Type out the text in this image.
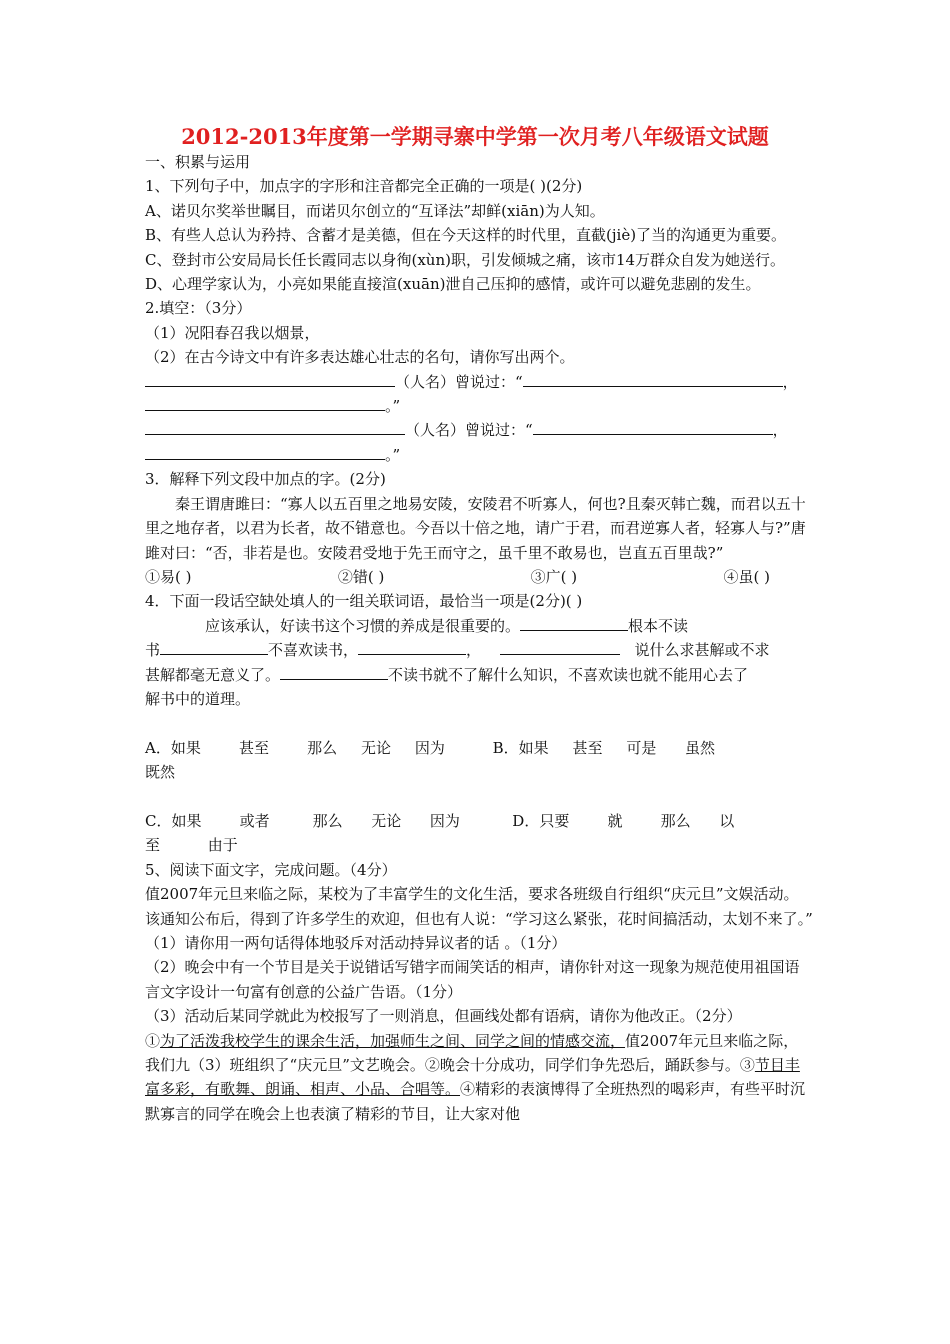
2012-2013年度第一学期寻寨中学第一次月考八年级语文试题

一、积累与运用

1、下列句子中，加点字的字形和注音都完全正确的一项是( )(2分)

A、诺贝尔奖举世瞩目，而诺贝尔创立的“互译法”却鲜(xiān)为人知。

B、有些人总认为矜持、含蓄才是美德，但在今天这样的时代里，直截(jiè)了当的沟通更为重要。

C、登封市公安局局长任长霞同志以身徇(xùn)职，引发倾城之痛，该市14万群众自发为她送行。

D、心理学家认为，小亮如果能直接渲(xuān)泄自己压抑的感情，或许可以避免悲剧的发生。

2.填空：（3分）

（1）况阳春召我以烟景，

（2）在古今诗文中有许多表达雄心壮志的名句，请你写出两个。

（人名）曾说过：“	，

。”

（人名）曾说过：“	，

。”

3．解释下列文段中加点的字。(2分)

秦王谓唐雎曰：“寡人以五百里之地易安陵，安陵君不听寡人，何也?且秦灭韩亡魏，而君以五十里之地存者，以君为长者，故不错意也。今吾以十倍之地，请广于君，而君逆寡人者，轻寡人与?”唐雎对曰：“否，非若是也。安陵君受地于先王而守之，虽千里不敢易也，岂直五百里哉?”

①易( )	②错( )	③广( )	④虽( )

4．下面一段话空缺处填人的一组关联词语，最恰当一项是(2分)( )

应该承认，好读书这个习惯的养成是很重要的。	根本不读

书	不喜欢读书，	，	说什么求甚解或不求

甚解都毫无意义了。	不读书就不了解什么知识，不喜欢读也就不能用心去了

解书中的道理。

A．如果	甚至	那么 无论 因为	B．如果 甚至 可是 虽然

既然

C．如果	或者	那么 无论 因为	D．只要	就	那么 以

至	由于

5、阅读下面文字，完成问题。（4分）

值2007年元旦来临之际，某校为了丰富学生的文化生活，要求各班级自行组织“庆元旦”文娱活动。该通知公布后，得到了许多学生的欢迎，但也有人说：“学习这么紧张，花时间搞活动，太划不来了。”

（1）请你用一两句话得体地驳斥对活动持异议者的话 。（1分）

（2）晚会中有一个节目是关于说错话写错字而闹笑话的相声，请你针对这一现象为规范使用祖国语言文字设计一句富有创意的公益广告语。（1分）

（3）活动后某同学就此为校报写了一则消息，但画线处都有语病，请你为他改正。（2分）

①为了活泼我校学生的课余生活，加强师生之间、同学之间的情感交流，值2007年元旦来临之际，我们九（3）班组织了“庆元旦”文艺晚会。②晚会十分成功，同学们争先恐后，踊跃参与。③节目丰富多彩，有歌舞、朗诵、相声、小品、合唱等。④精彩的表演博得了全班热烈的喝彩声，有些平时沉默寡言的同学在晚会上也表演了精彩的节目，让大家对他
